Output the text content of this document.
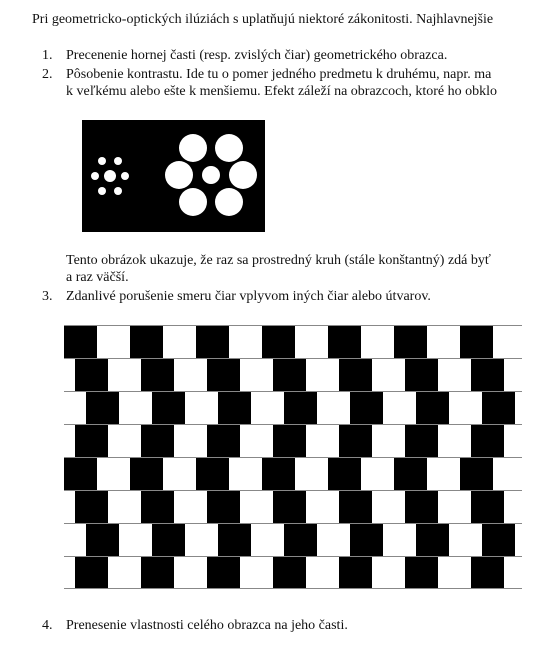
Pri geometricko-optických ilúziách s uplatňujú niektoré zákonitosti. Najhlavnejšie
1. Precenenie hornej časti (resp. zvislých čiar) geometrického obrazca.
2. Pôsobenie kontrastu. Ide tu o pomer jedného predmetu k druhému, napr. ma
k veľkému alebo ešte k menšiemu. Efekt záleží na obrazcoch, ktoré ho obklo
Tento obrázok ukazuje, že raz sa prostredný kruh (stále konštantný) zdá byť
a raz väčší.
3. Zdanlivé porušenie smeru čiar vplyvom iných čiar alebo útvarov.
4. Prenesenie vlastnosti celého obrazca na jeho časti.
